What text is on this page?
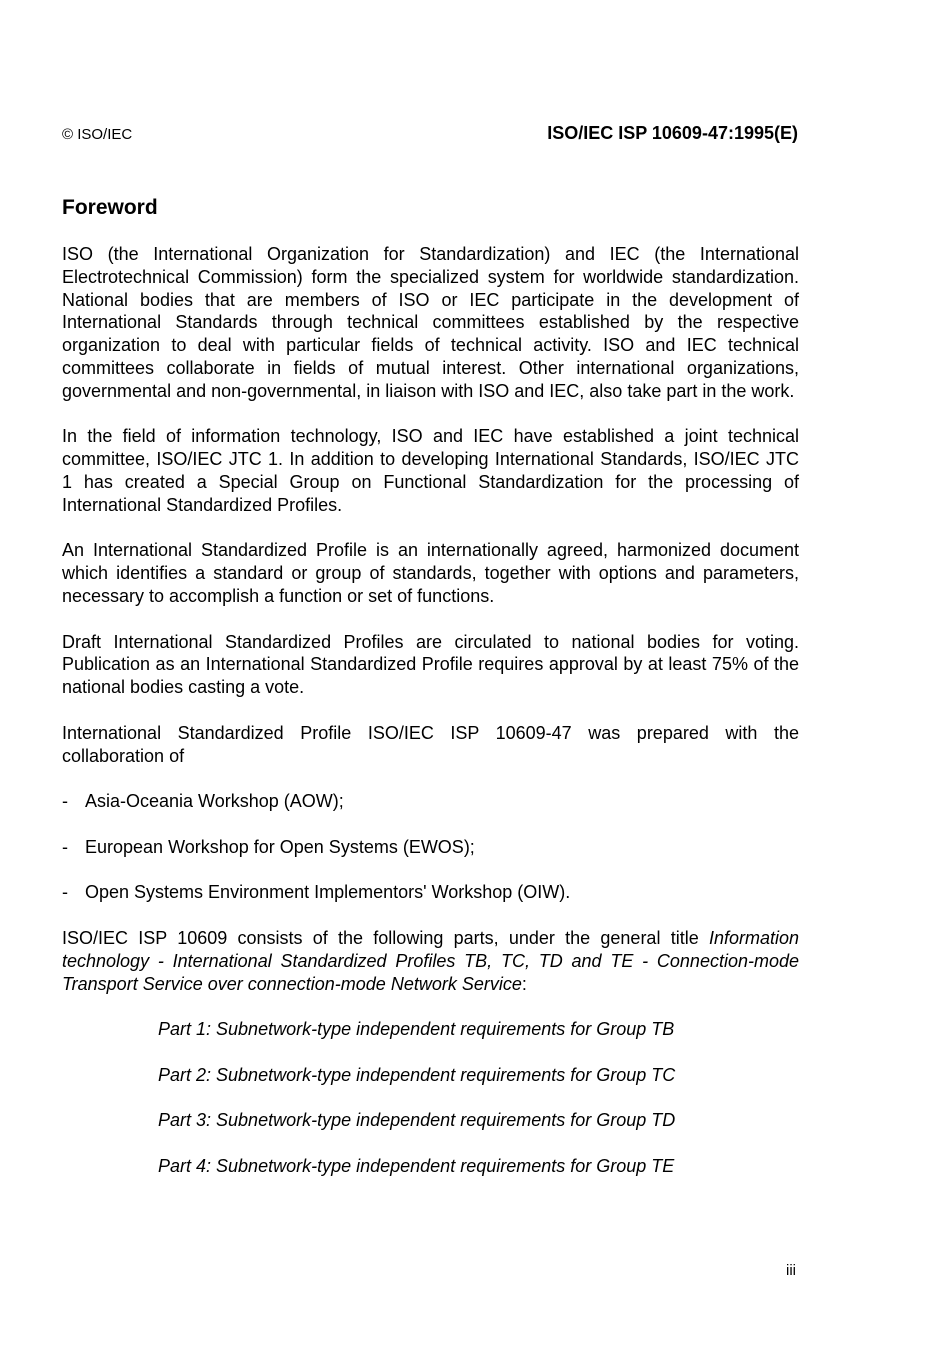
© ISO/IEC	ISO/IEC ISP 10609-47:1995(E)
Foreword

ISO (the International Organization for Standardization) and IEC (the International Electrotechnical Commission) form the specialized system for worldwide standardization. National bodies that are members of ISO or IEC participate in the development of International Standards through technical committees established by the respective organization to deal with particular fields of technical activity. ISO and IEC technical committees collaborate in fields of mutual interest. Other international organizations, governmental and non-governmental, in liaison with ISO and IEC, also take part in the work.

In the field of information technology, ISO and IEC have established a joint technical committee, ISO/IEC JTC 1. In addition to developing International Standards, ISO/IEC JTC 1 has created a Special Group on Functional Standardization for the processing of International Standardized Profiles.

An International Standardized Profile is an internationally agreed, harmonized document which identifies a standard or group of standards, together with options and parameters, necessary to accomplish a function or set of functions.

Draft International Standardized Profiles are circulated to national bodies for voting. Publication as an International Standardized Profile requires approval by at least 75% of the national bodies casting a vote.

International Standardized Profile ISO/IEC ISP 10609-47 was prepared with the collaboration of

- Asia-Oceania Workshop (AOW);
- European Workshop for Open Systems (EWOS);
- Open Systems Environment Implementors' Workshop (OIW).

ISO/IEC ISP 10609 consists of the following parts, under the general title Information technology - International Standardized Profiles TB, TC, TD and TE - Connection-mode Transport Service over connection-mode Network Service:

Part 1: Subnetwork-type independent requirements for Group TB
Part 2: Subnetwork-type independent requirements for Group TC
Part 3: Subnetwork-type independent requirements for Group TD
Part 4: Subnetwork-type independent requirements for Group TE
iii
